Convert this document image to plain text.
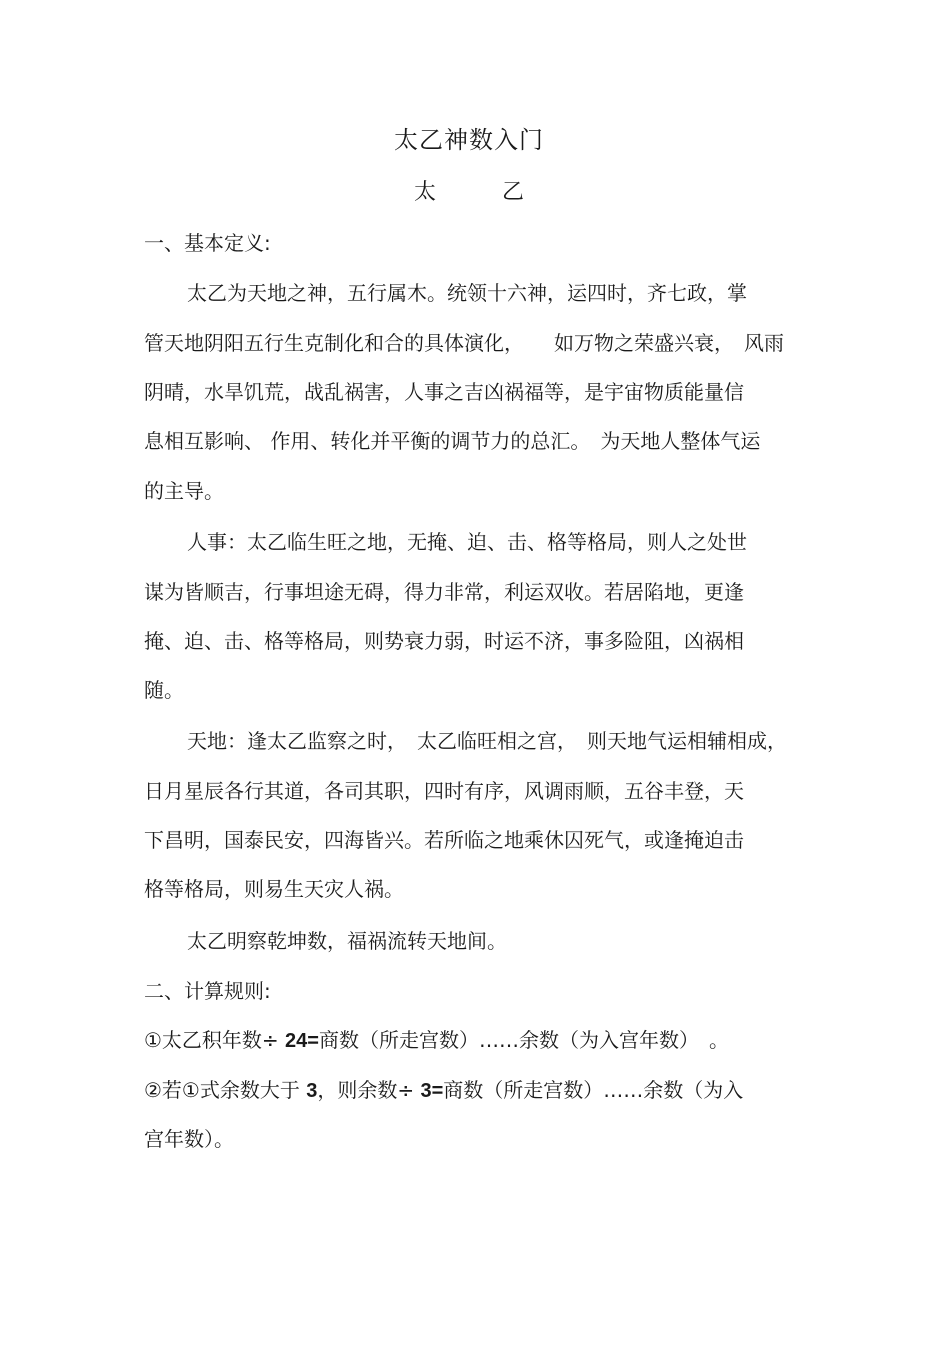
太乙神数入门
太	乙
一、基本定义:
太乙为天地之神，五行属木。统领十六神，运四时，齐七政，掌
管天地阴阳五行生克制化和合的具体演化，　　如万物之荣盛兴衰，　风雨
阴晴，水旱饥荒，战乱祸害，人事之吉凶祸福等，是宇宙物质能量信
息相互影响、 作用、转化并平衡的调节力的总汇。　为天地人整体气运
的主导。
人事：太乙临生旺之地，无掩、迫、击、格等格局，则人之处世
谋为皆顺吉，行事坦途无碍，得力非常，利运双收。若居陷地，更逢
掩、迫、击、格等格局，则势衰力弱，时运不济，事多险阻，凶祸相
随。
天地：逢太乙监察之时，　太乙临旺相之宫，　则天地气运相辅相成，
日月星辰各行其道，各司其职，四时有序，风调雨顺，五谷丰登，天
下昌明，国泰民安，四海皆兴。若所临之地乘休囚死气，或逢掩迫击
格等格局，则易生天灾人祸。
太乙明察乾坤数，福祸流转天地间。
二、计算规则:
①太乙积年数÷ 24=商数（所走宫数）……余数（为入宫年数）　。
②若①式余数大于 3，则余数÷ 3=商数（所走宫数）……余数（为入
宫年数）。
